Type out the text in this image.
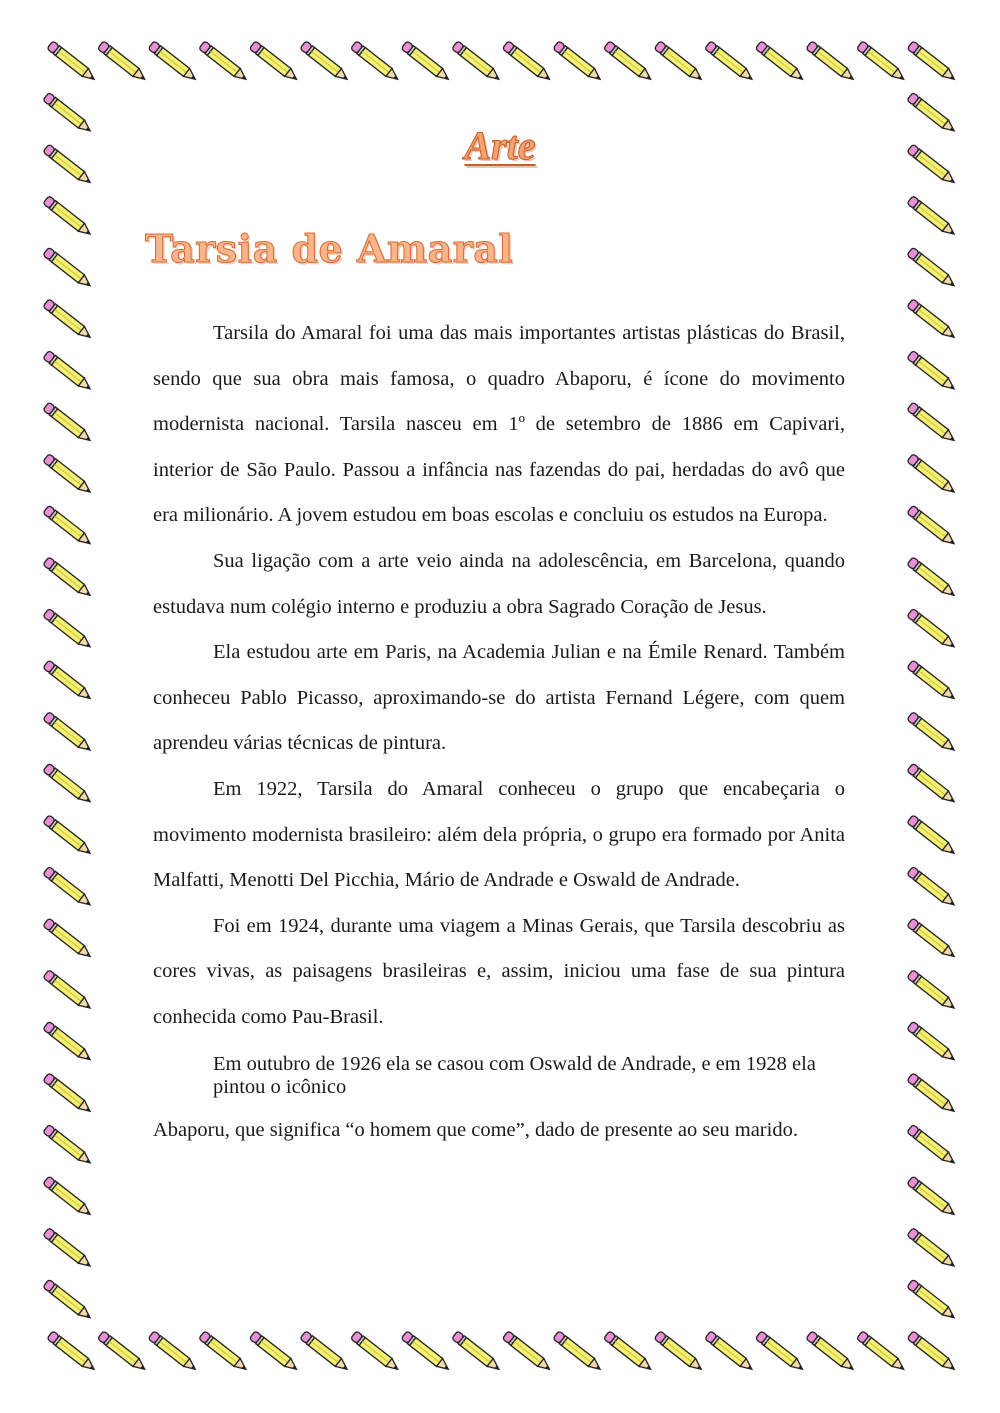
Arte
Tarsia de Amaral

Tarsila do Amaral foi uma das mais importantes artistas plásticas do Brasil, sendo que sua obra mais famosa, o quadro Abaporu, é ícone do movimento modernista nacional. Tarsila nasceu em 1º de setembro de 1886 em Capivari, interior de São Paulo. Passou a infância nas fazendas do pai, herdadas do avô que era milionário. A jovem estudou em boas escolas e concluiu os estudos na Europa.

Sua ligação com a arte veio ainda na adolescência, em Barcelona, quando estudava num colégio interno e produziu a obra Sagrado Coração de Jesus.

Ela estudou arte em Paris, na Academia Julian e na Émile Renard. Também conheceu Pablo Picasso, aproximando-se do artista Fernand Légere, com quem aprendeu várias técnicas de pintura.

Em 1922, Tarsila do Amaral conheceu o grupo que encabeçaria o movimento modernista brasileiro: além dela própria, o grupo era formado por Anita Malfatti, Menotti Del Picchia, Mário de Andrade e Oswald de Andrade.

Foi em 1924, durante uma viagem a Minas Gerais, que Tarsila descobriu as cores vivas, as paisagens brasileiras e, assim, iniciou uma fase de sua pintura conhecida como Pau-Brasil.

Em outubro de 1926 ela se casou com Oswald de Andrade, e em 1928 ela pintou o icônico

Abaporu, que significa “o homem que come”, dado de presente ao seu marido.
